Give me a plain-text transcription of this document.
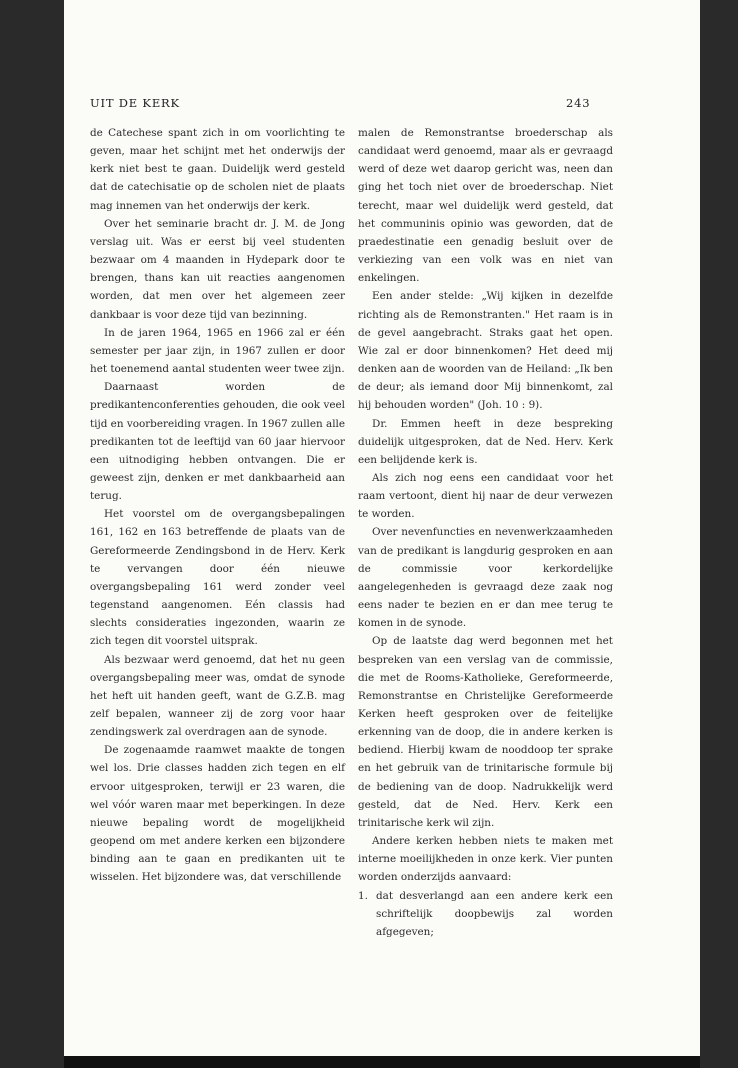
UIT DE KERK	243

de Catechese spant zich in om voorlichting te geven, maar het schijnt met het onderwijs der kerk niet best te gaan. Duidelijk werd gesteld dat de catechisatie op de scholen niet de plaats mag innemen van het onderwijs der kerk.

Over het seminarie bracht dr. J. M. de Jong verslag uit. Was er eerst bij veel studenten bezwaar om 4 maanden in Hydepark door te brengen, thans kan uit reacties aangenomen worden, dat men over het algemeen zeer dankbaar is voor deze tijd van bezinning.

In de jaren 1964, 1965 en 1966 zal er één semester per jaar zijn, in 1967 zullen er door het toenemend aantal studenten weer twee zijn.

Daarnaast worden de predikantenconferenties gehouden, die ook veel tijd en voorbereiding vragen. In 1967 zullen alle predikanten tot de leeftijd van 60 jaar hiervoor een uitnodiging hebben ontvangen. Die er geweest zijn, denken er met dankbaarheid aan terug.

Het voorstel om de overgangsbepalingen 161, 162 en 163 betreffende de plaats van de Gereformeerde Zendingsbond in de Herv. Kerk te vervangen door één nieuwe overgangsbepaling 161 werd zonder veel tegenstand aangenomen. Eén classis had slechts consideraties ingezonden, waarin ze zich tegen dit voorstel uitsprak.

Als bezwaar werd genoemd, dat het nu geen overgangsbepaling meer was, omdat de synode het heft uit handen geeft, want de G.Z.B. mag zelf bepalen, wanneer zij de zorg voor haar zendingswerk zal overdragen aan de synode.

De zogenaamde raamwet maakte de tongen wel los. Drie classes hadden zich tegen en elf ervoor uitgesproken, terwijl er 23 waren, die wel vóór waren maar met beperkingen. In deze nieuwe bepaling wordt de mogelijkheid geopend om met andere kerken een bijzondere binding aan te gaan en predikanten uit te wisselen. Het bijzondere was, dat verschillende

malen de Remonstrantse broederschap als candidaat werd genoemd, maar als er gevraagd werd of deze wet daarop gericht was, neen dan ging het toch niet over de broederschap. Niet terecht, maar wel duidelijk werd gesteld, dat het communinis opinio was geworden, dat de praedestinatie een genadig besluit over de verkiezing van een volk was en niet van enkelingen.

Een ander stelde: „Wij kijken in dezelfde richting als de Remonstranten." Het raam is in de gevel aangebracht. Straks gaat het open. Wie zal er door binnenkomen? Het deed mij denken aan de woorden van de Heiland: „Ik ben de deur; als iemand door Mij binnenkomt, zal hij behouden worden" (Joh. 10 : 9).

Dr. Emmen heeft in deze bespreking duidelijk uitgesproken, dat de Ned. Herv. Kerk een belijdende kerk is.

Als zich nog eens een candidaat voor het raam vertoont, dient hij naar de deur verwezen te worden.

Over nevenfuncties en nevenwerkzaamheden van de predikant is langdurig gesproken en aan de commissie voor kerkordelijke aangelegenheden is gevraagd deze zaak nog eens nader te bezien en er dan mee terug te komen in de synode.

Op de laatste dag werd begonnen met het bespreken van een verslag van de commissie, die met de Rooms-Katholieke, Gereformeerde, Remonstrantse en Christelijke Gereformeerde Kerken heeft gesproken over de feitelijke erkenning van de doop, die in andere kerken is bediend. Hierbij kwam de nooddoop ter sprake en het gebruik van de trinitarische formule bij de bediening van de doop. Nadrukkelijk werd gesteld, dat de Ned. Herv. Kerk een trinitarische kerk wil zijn.

Andere kerken hebben niets te maken met interne moeilijkheden in onze kerk. Vier punten worden onderzijds aanvaard:

1. dat desverlangd aan een andere kerk een schriftelijk doopbewijs zal worden afgegeven;
